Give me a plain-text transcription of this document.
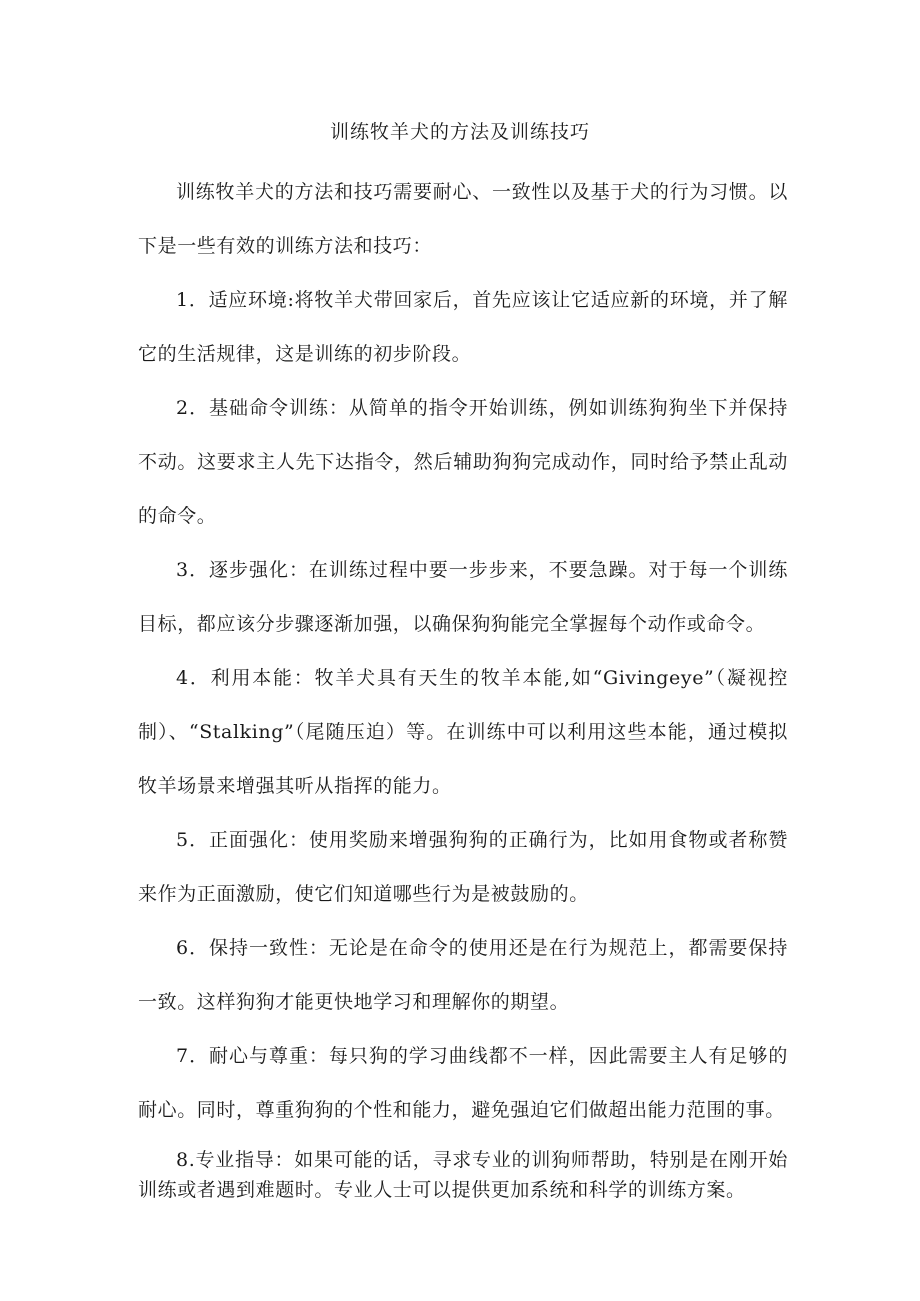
训练牧羊犬的方法及训练技巧

训练牧羊犬的方法和技巧需要耐心、一致性以及基于犬的行为习惯。以下是一些有效的训练方法和技巧：

1．适应环境:将牧羊犬带回家后，首先应该让它适应新的环境，并了解它的生活规律，这是训练的初步阶段。

2．基础命令训练：从简单的指令开始训练，例如训练狗狗坐下并保持不动。这要求主人先下达指令，然后辅助狗狗完成动作，同时给予禁止乱动的命令。

3．逐步强化：在训练过程中要一步步来，不要急躁。对于每一个训练目标，都应该分步骤逐渐加强，以确保狗狗能完全掌握每个动作或命令。

4．利用本能：牧羊犬具有天生的牧羊本能,如“Givingeye”（凝视控制）、“Stalking”（尾随压迫）等。在训练中可以利用这些本能，通过模拟牧羊场景来增强其听从指挥的能力。

5．正面强化：使用奖励来增强狗狗的正确行为，比如用食物或者称赞来作为正面激励，使它们知道哪些行为是被鼓励的。

6．保持一致性：无论是在命令的使用还是在行为规范上，都需要保持一致。这样狗狗才能更快地学习和理解你的期望。

7．耐心与尊重：每只狗的学习曲线都不一样，因此需要主人有足够的耐心。同时，尊重狗狗的个性和能力，避免强迫它们做超出能力范围的事。

8.专业指导：如果可能的话，寻求专业的训狗师帮助，特别是在刚开始训练或者遇到难题时。专业人士可以提供更加系统和科学的训练方案。
